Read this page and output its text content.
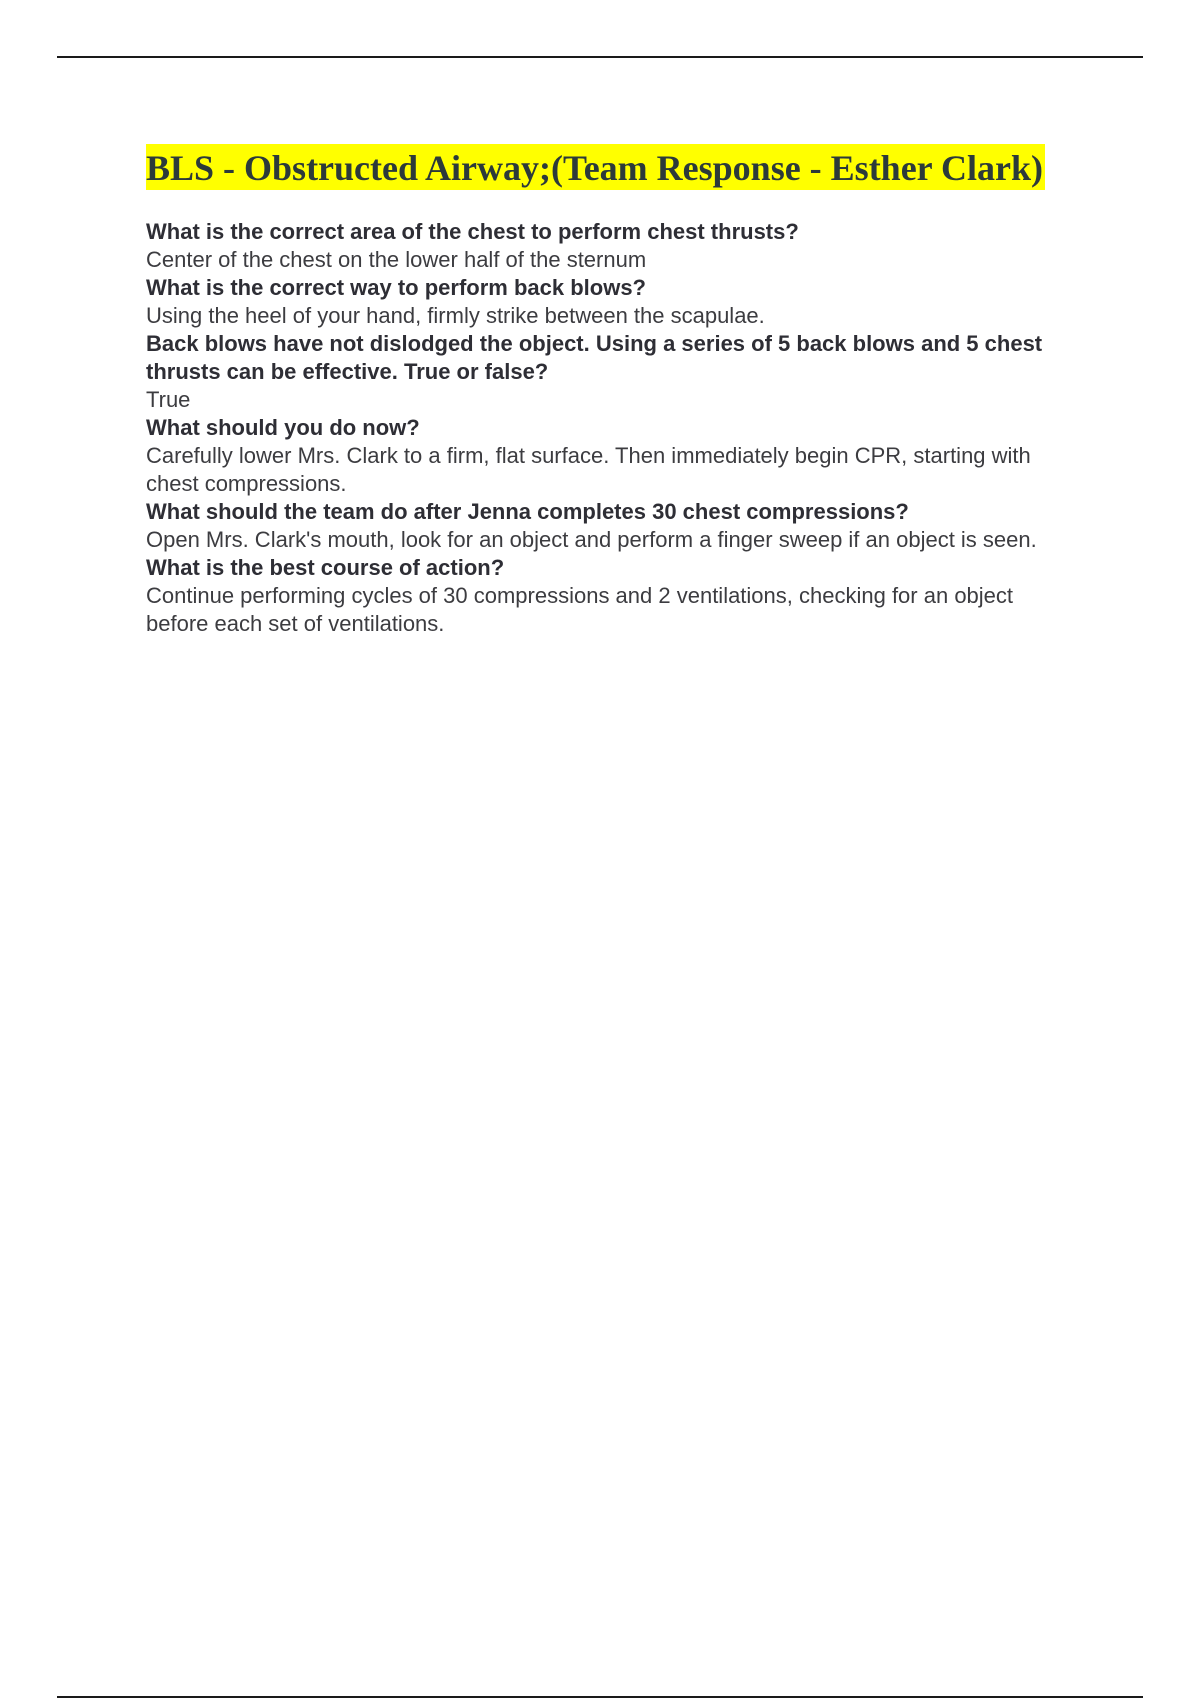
BLS - Obstructed Airway;(Team Response - Esther Clark)

What is the correct area of the chest to perform chest thrusts?

Center of the chest on the lower half of the sternum

What is the correct way to perform back blows?

Using the heel of your hand, firmly strike between the scapulae.

Back blows have not dislodged the object. Using a series of 5 back blows and 5 chest thrusts can be effective. True or false?

True

What should you do now?

Carefully lower Mrs. Clark to a firm, flat surface. Then immediately begin CPR, starting with chest compressions.

What should the team do after Jenna completes 30 chest compressions?

Open Mrs. Clark's mouth, look for an object and perform a finger sweep if an object is seen.

What is the best course of action?

Continue performing cycles of 30 compressions and 2 ventilations, checking for an object before each set of ventilations.
